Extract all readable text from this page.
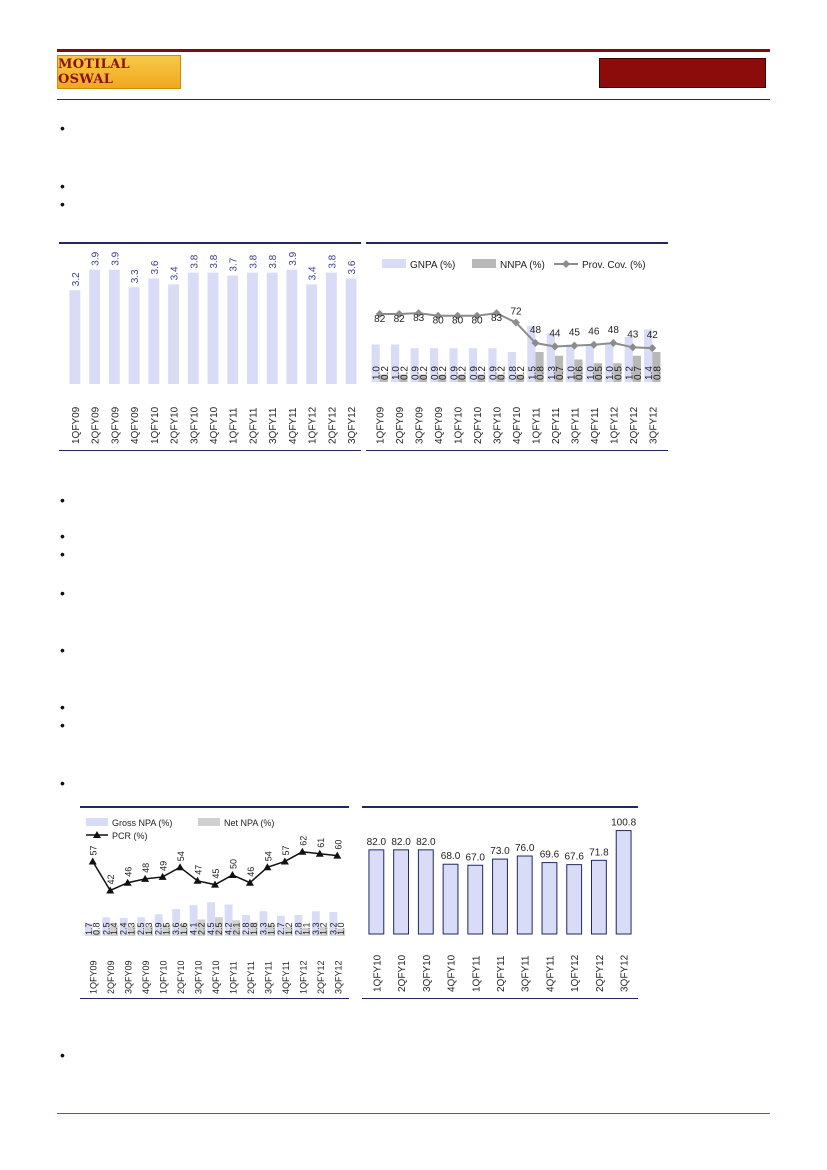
MOTILAL OSWAL
•
•
•
•
•
•
•
•
•
•
•
•
3.2
1QFY09
3.9
2QFY09
3.9
3QFY09
3.3
4QFY09
3.6
1QFY10
3.4
2QFY10
3.8
3QFY10
3.8
4QFY10
3.7
1QFY11
3.8
2QFY11
3.8
3QFY11
3.9
4QFY11
3.4
1QFY12
3.8
2QFY12
3.6
3QFY12
GNPA (%)	NNPA (%)	Prov. Cov. (%)
1.0
0.2
1QFY09
1.0
0.2
2QFY09
0.9
0.2
3QFY09
0.9
0.2
4QFY09
0.9
0.2
1QFY10
0.9
0.2
2QFY10
0.9
0.2
3QFY10
0.8
0.2
4QFY10
1.5
0.8
1QFY11
1.3
0.7
2QFY11
1.0
0.6
3QFY11
1.0
0.5
4QFY11
1.0
0.5
1QFY12
1.2
0.7
2QFY12
1.4
0.8
3QFY12
82 82 83 80 80 80 83
72
48 44 45 46 48 43 42
Gross NPA (%)	Net NPA (%)
PCR (%)
1.7
0.8
1QFY09
2.5
1.4
2QFY09
2.4
1.3
3QFY09
2.5
1.3
4QFY09
2.9
1.5
1QFY10
3.6
1.6
2QFY10
4.1
2.2
3QFY10
4.5
2.5
4QFY10
4.2
2.1
1QFY11
2.8
1.8
2QFY11
3.3
1.5
3QFY11
2.7
1.2
4QFY11
2.8
1.1
1QFY12
3.3
1.2
2QFY12
3.2
1.0
3QFY12
57
42
46 48 49
54
47 45
50
46
54
57
62 61 60 82.0
1QFY10
82.0
2QFY10
82.0
3QFY10
68.0
4QFY10
67.0
1QFY11
73.0
2QFY11
76.0
3QFY11
69.6
4QFY11
67.6
1QFY12
71.8
2QFY12
100.8
3QFY12
